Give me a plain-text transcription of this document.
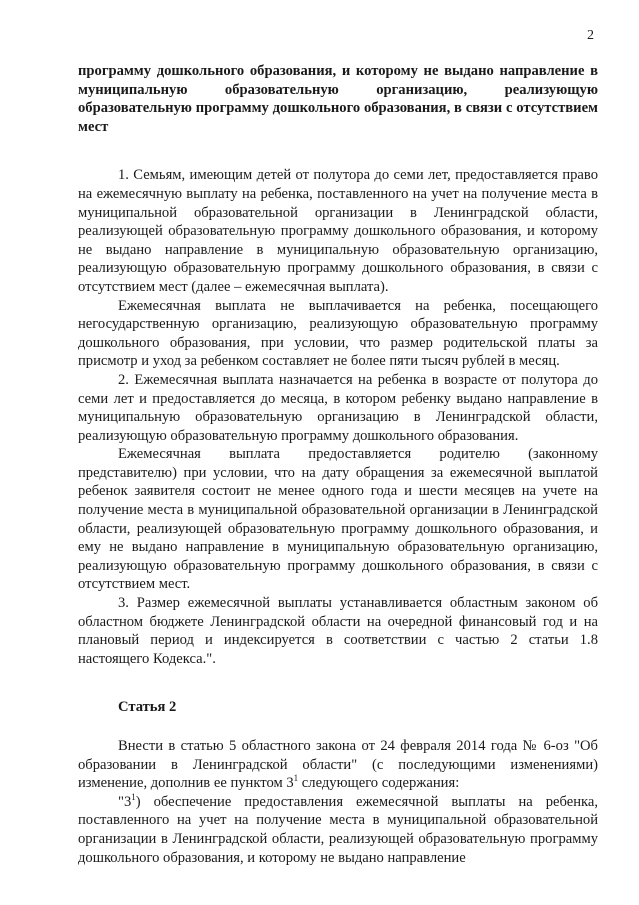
2

программу дошкольного образования, и которому не выдано направление в муниципальную образовательную организацию, реализующую образовательную программу дошкольного образования, в связи с отсутствием мест

1. Семьям, имеющим детей от полутора до семи лет, предоставляется право на ежемесячную выплату на ребенка, поставленного на учет на получение места в муниципальной образовательной организации в Ленинградской области, реализующей образовательную программу дошкольного образования, и которому не выдано направление в муниципальную образовательную организацию, реализующую образовательную программу дошкольного образования, в связи с отсутствием мест (далее – ежемесячная выплата).

Ежемесячная выплата не выплачивается на ребенка, посещающего негосударственную организацию, реализующую образовательную программу дошкольного образования, при условии, что размер родительской платы за присмотр и уход за ребенком составляет не более пяти тысяч рублей в месяц.

2. Ежемесячная выплата назначается на ребенка в возрасте от полутора до семи лет и предоставляется до месяца, в котором ребенку выдано направление в муниципальную образовательную организацию в Ленинградской области, реализующую образовательную программу дошкольного образования.

Ежемесячная выплата предоставляется родителю (законному представителю) при условии, что на дату обращения за ежемесячной выплатой ребенок заявителя состоит не менее одного года и шести месяцев на учете на получение места в муниципальной образовательной организации в Ленинградской области, реализующей образовательную программу дошкольного образования, и ему не выдано направление в муниципальную образовательную организацию, реализующую образовательную программу дошкольного образования, в связи с отсутствием мест.

3. Размер ежемесячной выплаты устанавливается областным законом об областном бюджете Ленинградской области на очередной финансовый год и на плановый период и индексируется в соответствии с частью 2 статьи 1.8 настоящего Кодекса.".

Статья 2

Внести в статью 5 областного закона от 24 февраля 2014 года № 6-оз "Об образовании в Ленинградской области" (с последующими изменениями) изменение, дополнив ее пунктом $3^1$ следующего содержания:

"$3^1$) обеспечение предоставления ежемесячной выплаты на ребенка, поставленного на учет на получение места в муниципальной образовательной организации в Ленинградской области, реализующей образовательную программу дошкольного образования, и которому не выдано направление
